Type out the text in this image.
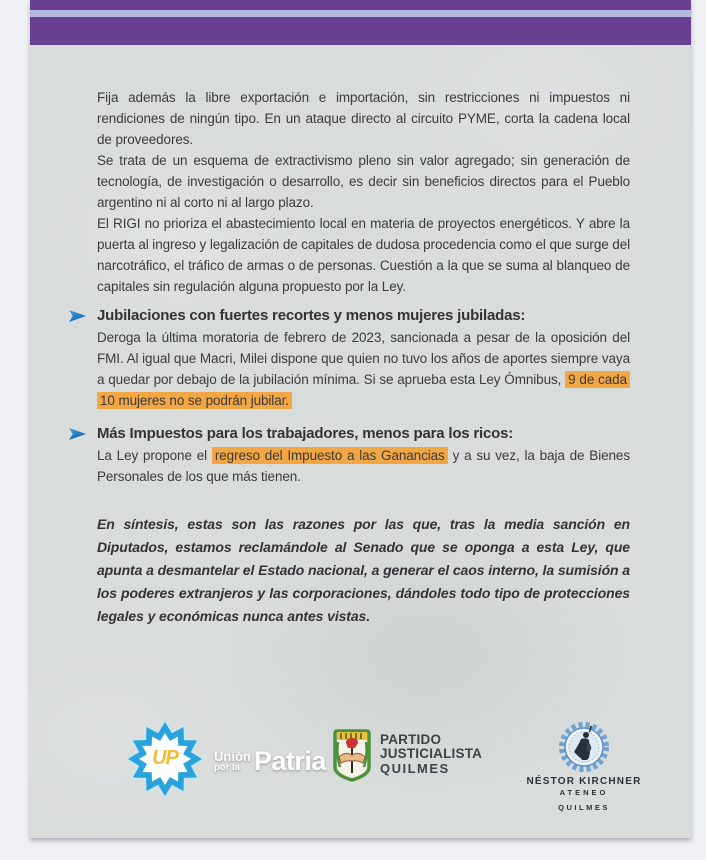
Fija además la libre exportación e importación, sin restricciones ni impuestos ni rendiciones de ningún tipo. En un ataque directo al circuito PYME, corta la cadena local de proveedores.

Se trata de un esquema de extractivismo pleno sin valor agregado; sin generación de tecnología, de investigación o desarrollo, es decir sin beneficios directos para el Pueblo argentino ni al corto ni al largo plazo.

El RIGI no prioriza el abastecimiento local en materia de proyectos energéticos. Y abre la puerta al ingreso y legalización de capitales de dudosa procedencia como el que surge del narcotráfico, el tráfico de armas o de personas. Cuestión a la que se suma al blanqueo de capitales sin regulación alguna propuesto por la Ley.

Jubilaciones con fuertes recortes y menos mujeres jubiladas:

Deroga la última moratoria de febrero de 2023, sancionada a pesar de la oposición del FMI. Al igual que Macri, Milei dispone que quien no tuvo los años de aportes siempre vaya a quedar por debajo de la jubilación mínima. Si se aprueba esta Ley Ómnibus, 9 de cada 10 mujeres no se podrán jubilar.

Más Impuestos para los trabajadores, menos para los ricos:

La Ley propone el regreso del Impuesto a las Ganancias y a su vez, la baja de Bienes Personales de los que más tienen.

En síntesis, estas son las razones por las que, tras la media sanción en Diputados, estamos reclamándole al Senado que se oponga a esta Ley, que apunta a desmantelar el Estado nacional, a generar el caos interno, la sumisión a los poderes extranjeros y las corporaciones, dándoles todo tipo de protecciones legales y económicas nunca antes vistas.

UP	Unión
por la Patria
PARTIDO
JUSTICIALISTA
QUILMES
NÉSTOR KIRCHNER
ATENEO
QUILMES
